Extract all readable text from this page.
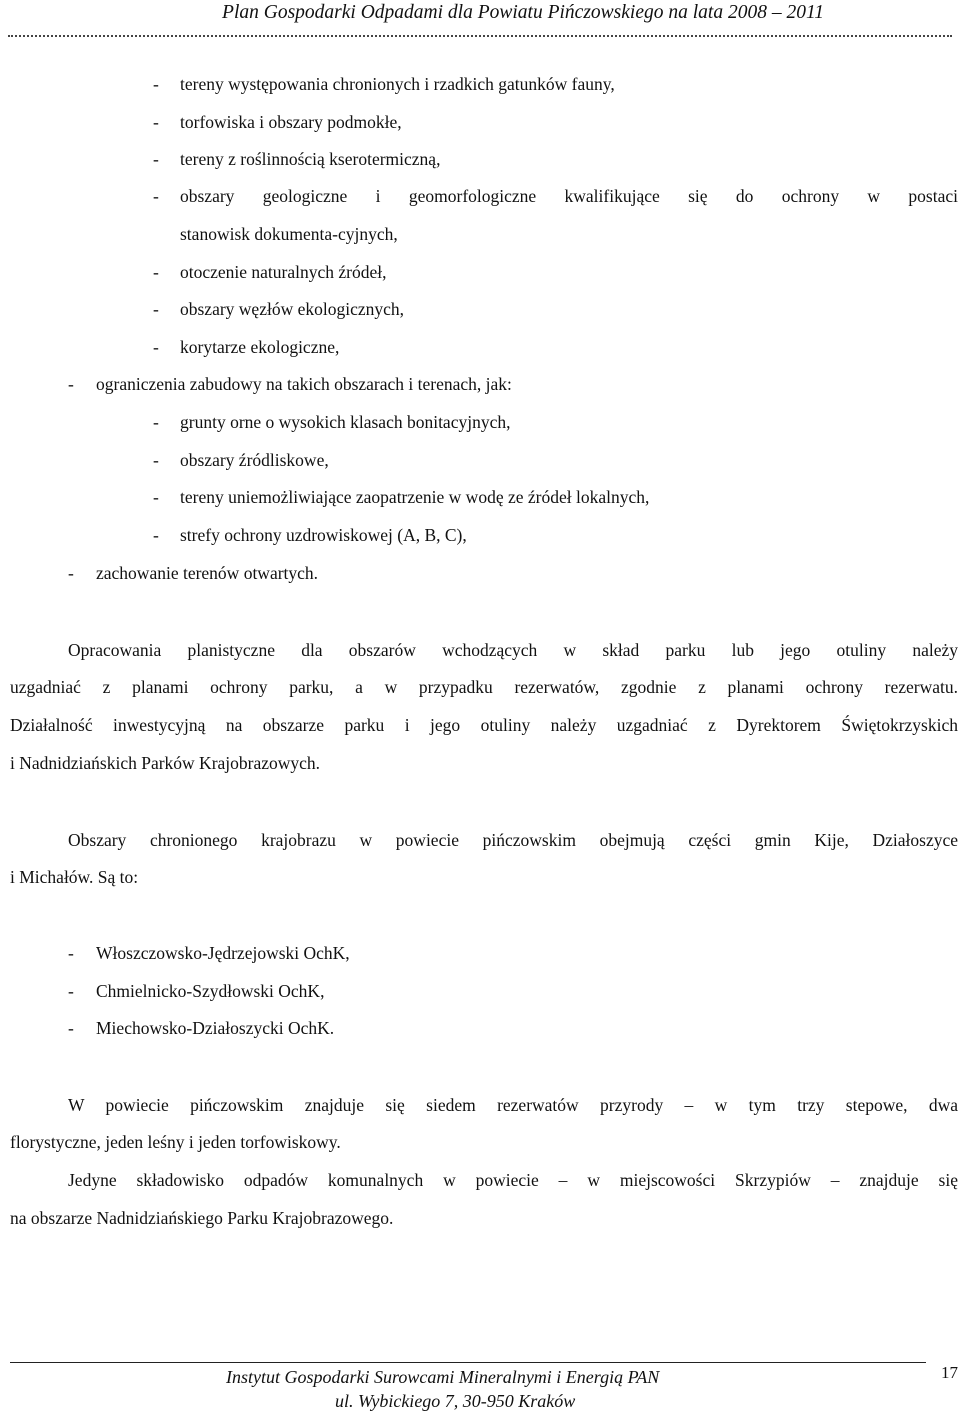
Plan Gospodarki Odpadami dla Powiatu Pińczowskiego na lata 2008 – 2011
- tereny występowania chronionych i rzadkich gatunków fauny,
- torfowiska i obszary podmokłe,
- tereny z roślinnością kserotermiczną,
- obszary geologiczne i geomorfologiczne kwalifikujące się do ochrony w postaci
stanowisk dokumenta-cyjnych,
- otoczenie naturalnych źródeł,
- obszary węzłów ekologicznych,
- korytarze ekologiczne,
- ograniczenia zabudowy na takich obszarach i terenach, jak:
- grunty orne o wysokich klasach bonitacyjnych,
- obszary źródliskowe,
- tereny uniemożliwiające zaopatrzenie w wodę ze źródeł lokalnych,
- strefy ochrony uzdrowiskowej (A, B, C),
- zachowanie terenów otwartych.
Opracowania planistyczne dla obszarów wchodzących w skład parku lub jego otuliny należy
uzgadniać z planami ochrony parku, a w przypadku rezerwatów, zgodnie z planami ochrony rezerwatu.
Działalność inwestycyjną na obszarze parku i jego otuliny należy uzgadniać z Dyrektorem Świętokrzyskich
i Nadnidziańskich Parków Krajobrazowych.
Obszary chronionego krajobrazu w powiecie pińczowskim obejmują części gmin Kije, Działoszyce
i Michałów. Są to:
- Włoszczowsko-Jędrzejowski OchK,
- Chmielnicko-Szydłowski OchK,
- Miechowsko-Działoszycki OchK.
W powiecie pińczowskim znajduje się siedem rezerwatów przyrody – w tym trzy stepowe, dwa
florystyczne, jeden leśny i jeden torfowiskowy.
Jedyne składowisko odpadów komunalnych w powiecie – w miejscowości Skrzypiów – znajduje się
na obszarze Nadnidziańskiego Parku Krajobrazowego.
Instytut Gospodarki Surowcami Mineralnymi i Energią PAN
ul. Wybickiego 7, 30-950 Kraków
17
